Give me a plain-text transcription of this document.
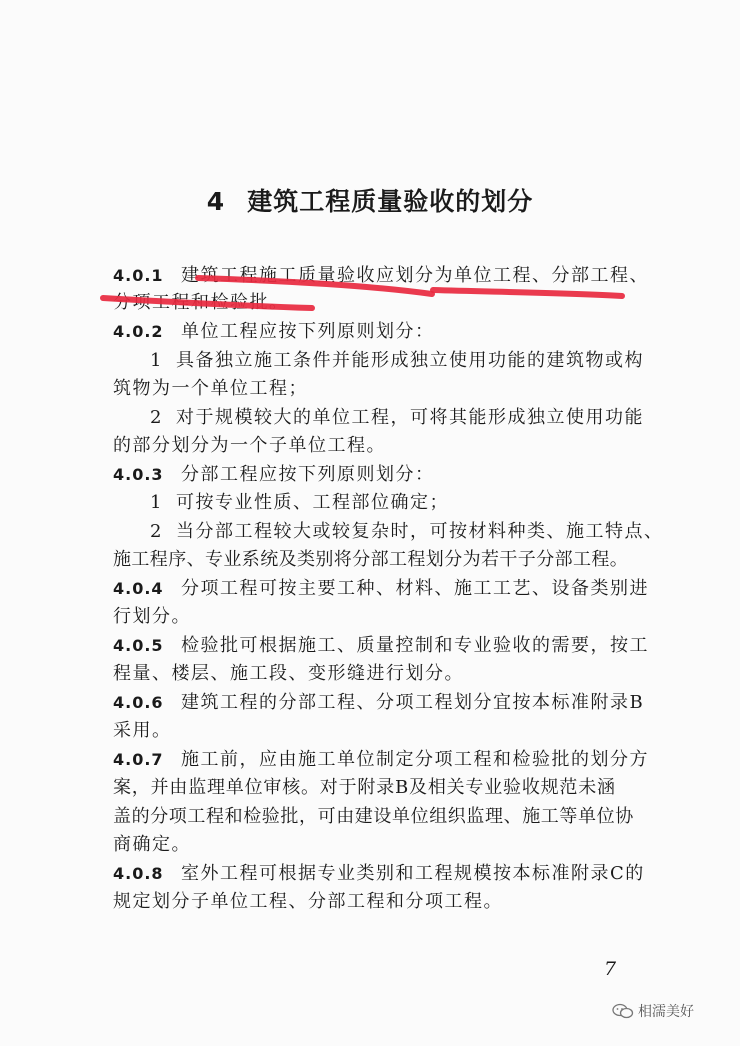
4 建筑工程质量验收的划分
4.0.1 建筑工程施工质量验收应划分为单位工程、分部工程、
分项工程和检验批。
4.0.2 单位工程应按下列原则划分：
1 具备独立施工条件并能形成独立使用功能的建筑物或构
筑物为一个单位工程；
2 对于规模较大的单位工程，可将其能形成独立使用功能
的部分划分为一个子单位工程。
4.0.3 分部工程应按下列原则划分：
1 可按专业性质、工程部位确定；
2 当分部工程较大或较复杂时，可按材料种类、施工特点、
施工程序、专业系统及类别将分部工程划分为若干子分部工程。
4.0.4 分项工程可按主要工种、材料、施工工艺、设备类别进
行划分。
4.0.5 检验批可根据施工、质量控制和专业验收的需要，按工
程量、楼层、施工段、变形缝进行划分。
4.0.6 建筑工程的分部工程、分项工程划分宜按本标准附录B
采用。
4.0.7 施工前，应由施工单位制定分项工程和检验批的划分方
案，并由监理单位审核。对于附录B及相关专业验收规范未涵
盖的分项工程和检验批，可由建设单位组织监理、施工等单位协
商确定。
4.0.8 室外工程可根据专业类别和工程规模按本标准附录C的
规定划分子单位工程、分部工程和分项工程。
7
相濡美好
